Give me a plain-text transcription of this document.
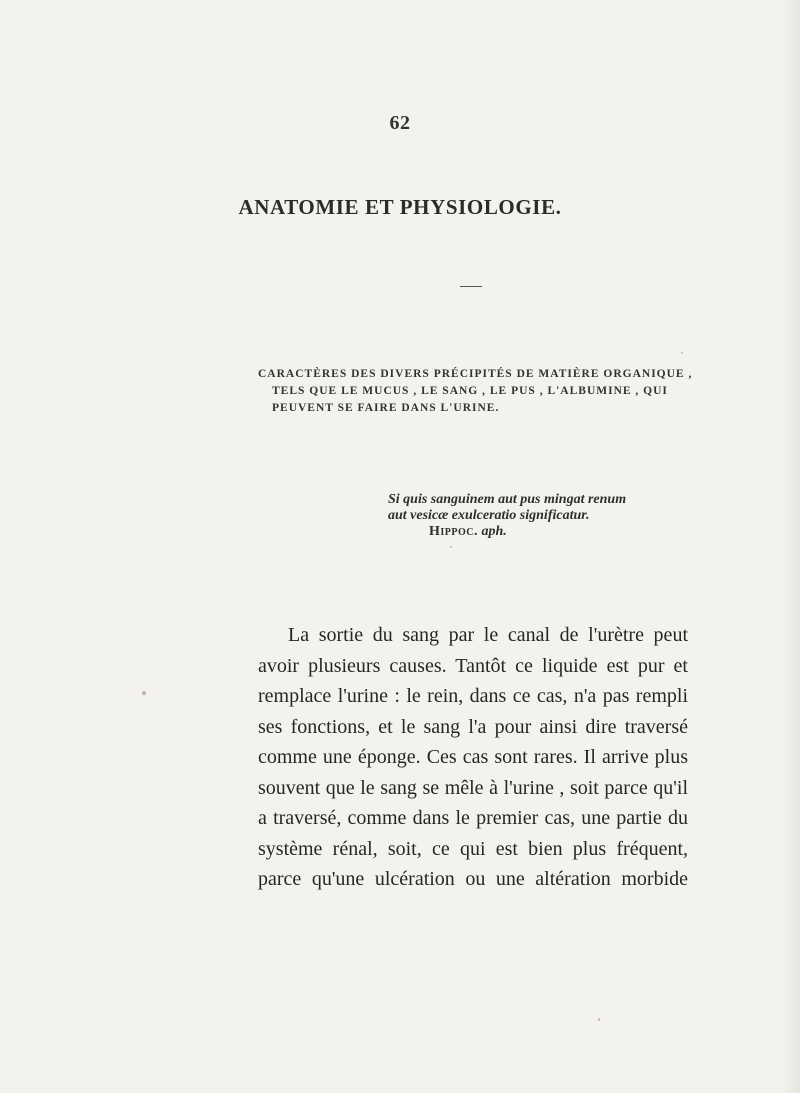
62
ANATOMIE ET PHYSIOLOGIE.
CARACTÈRES DES DIVERS PRÉCIPITÉS DE MATIÈRE ORGANIQUE ,
TELS QUE LE MUCUS , LE SANG , LE PUS , L'ALBUMINE , QUI
PEUVENT SE FAIRE DANS L'URINE.
Si quis sanguinem aut pus mingat renum
aut vesicæ exulceratio significatur.
Hippoc. aph.
La sortie du sang par le canal de l'urètre peut
avoir plusieurs causes. Tantôt ce liquide est pur et
remplace l'urine : le rein, dans ce cas, n'a pas rempli
ses fonctions, et le sang l'a pour ainsi dire traversé
comme une éponge. Ces cas sont rares. Il arrive plus
souvent que le sang se mêle à l'urine , soit parce qu'il
a traversé, comme dans le premier cas, une partie du
système rénal, soit, ce qui est bien plus fréquent,
parce qu'une ulcération ou une altération morbide
